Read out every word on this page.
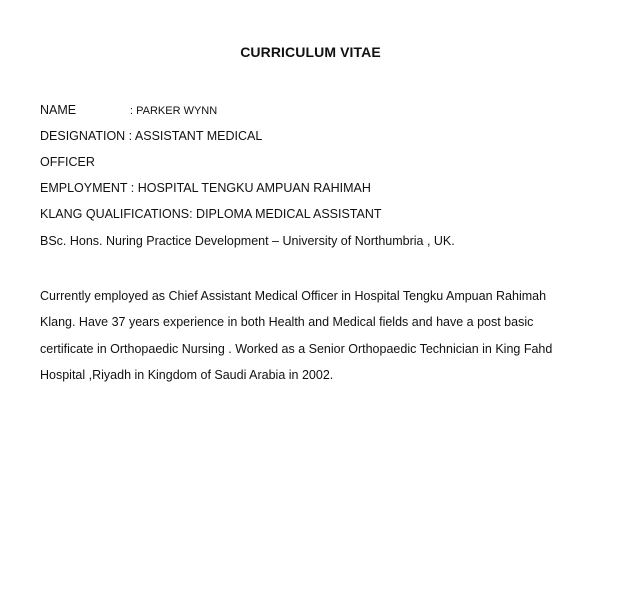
CURRICULUM VITAE
NAME	: PARKER WYNN
DESIGNATION : ASSISTANT MEDICAL
OFFICER
EMPLOYMENT : HOSPITAL TENGKU AMPUAN RAHIMAH
KLANG QUALIFICATIONS: DIPLOMA MEDICAL ASSISTANT
BSc. Hons. Nuring Practice Development – University of Northumbria , UK.
Currently employed as Chief Assistant Medical Officer in Hospital Tengku Ampuan Rahimah
Klang. Have 37 years experience in both Health and Medical fields and have a post basic
certificate in Orthopaedic Nursing . Worked as a Senior Orthopaedic Technician in King Fahd
Hospital ,Riyadh in Kingdom of Saudi Arabia in 2002.
